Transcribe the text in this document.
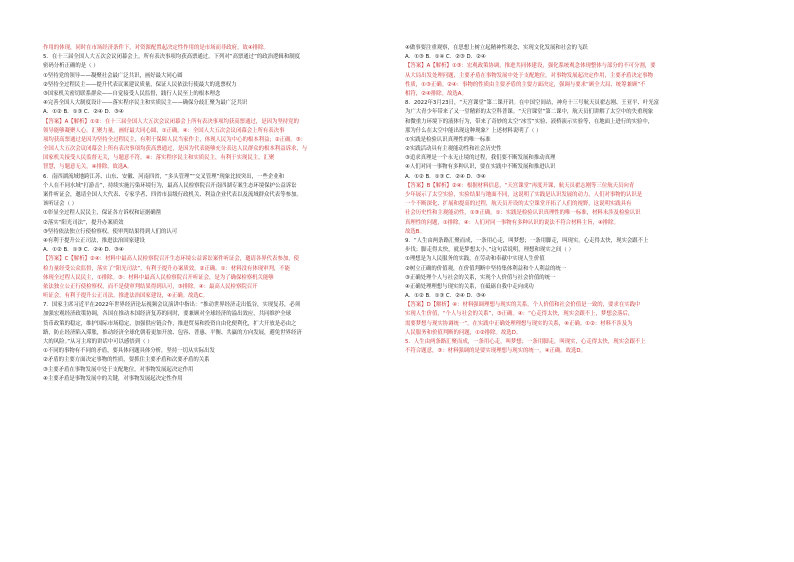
作用的体现，同时在市场经济条件下，对资源配置起决定性作用的是市场而非政府，故④排除。
5．在十三届全国人大五次会议闭幕会上，所有表决事项均获高票通过。下列对“高票通过”的政治逻辑和制度
密码分析正确的是（ ）
①坚持党的领导——凝聚社会最广泛共识，画好最大同心圆
②坚持全过程民主——提升代表议案建议质量，保证人民依法行使最大的选票权力
③国家机关密切联系群众——自觉接受人民监督，践行人民至上的根本理念
④完善全国人大制度设计——落实程序民主和实质民主——确保分歧汇聚为最广泛共识
A．①② B．①③ C．②④ D．③④
【答案】A【解析】①②：在十三届全国人大五次会议闭幕会上所有表决事项均获高票通过，是因为坚持党的
领导能够凝聚人心，汇聚力量，画好最大同心圆，①正确。④：全国人大五次会议闭幕会上所有表决事
项均获高票通过是因为坚持全过程民主，有利于保障人民当家作主，体现人民为中心的根本利益；②正确。③：
全国人大五次会议闭幕会上所有表决事项均获高票通过，是因为代表能够充分表达人民群众的根本利益诉求，与
国家机关接受人民监督无关，与题意不符。④：落实程序民主和实质民主，有利于实现民主，汇聚
智慧，与题意无关，④排除。故选A。
6．南四湖流域地跨江苏、山东、安徽、河南四省，“多头管理”“交叉管理”现象比较突出，一些企业和
个人在不同水域“打游击”，持续实施污染环境行为，最高人民检察院召开南四湖专案生态环境保护公益诉讼
案件听证会，邀请全国人大代表、专家学者、四省市县级行政机关、利益企业代表以及流域群众代表等参加。
该听证会（ ）
①彰显全过程人民民主，保证各方诉权和证据确凿
②落实“阳光司法”，提升办案质效
③坚持依法独立行使检察权，使审判结果得到人们的认可
④有利于提升公正司法，推进法治国家建设
A．①② B．①③ C．②④ D．③④
【答案】C【解析】②④：材料中最高人民检察院召开生态环境公益诉讼案件听证会，邀请各界代表参加，使
检力量经受公众监督，落实了“阳光司法”，有利于提升办案质效，②正确。①：材料没有体现审判，不能
体现全过程人民民主，①排除。③：材料中最高人民检察院召开听证会，是为了确保检察机关能够
依法独立公正行使检察权，而不是使审判结果得到认可，③排除。④：最高人民检察院召开
听证会，有利于提升公正司法，推进法治国家建设，④正确。故选C。
7．国家主席习近平在2022年世界经济论坛视频会议演讲中指出：“推动世界经济走出低谷，实现复苏，必须
加强宏观经济政策协调，各国在推动本国经济复苏的同时，要兼顾对全球经济的溢出效应，共同维护全球
货币政策的稳定，维护国际市场稳定，加强供应链合作，推进贸易和投资自由化便利化，扩大开放是必由之
路，防止经济陷入滞胀，推动经济全球化朝着更加开放、包容、普惠、平衡、共赢的方向发展，避免世界经济
大的风险。”从习主席的讲话中可以感悟到（ ）
①不同的事物有不同的矛盾，要具体问题具体分析，坚持一切从实际出发
②矛盾的主要方面决定事物的性质，要抓住主要矛盾和次要矛盾的关系
③主要矛盾在事物发展中处于支配地位，对事物发展起决定作用
④主要矛盾是事物发展中的关键，对事物发展起决定性作用
④做事要注重观察，在思想上树立起精神性观念，实现文化发展和社会的飞跃
A．①③ B．①④ C．②③ D．②④
【答案】A【解析】①③：宏观政策协调，推进共同体建设，强化系统观念体现整体与部分的不可分割，要
从大局出发处理问题，主要矛盾在事物发展中处于支配地位，对事物发展起决定作用，主要矛盾决定事物
性质，①③正确。②④：事物的性质由主要矛盾的主要方面决定，强调与要求“顾全大局、统筹兼顾”不
相符，②④排除。故选A。
8．2022年3月23日，“天宫课堂”第二课开讲。在中国空间站，神舟十三号航天员翟志刚、王亚平、叶光富
为广大青少年带来了又一堂精彩的太空科普课。“天宫课堂”第二课中，航天员们讲解了太空中的失重现象
和微重力环境下的液体行为，带来了奇妙的太空“冰雪”实验、液桥演示实验等，在地面上进行的实验中，
那为什么在太空中能出现这种现象？上述材料说明了（ ）
①实践是检验认识真理性的唯一标准
②实践活动具有主观能动性和社会历史性
③追求真理是一个永无止境的过程，我们要不断发展和推动真理
④人们对同一事物有多种认识，要在实践中不断发展和推进认识
A．①② B．①③ C．②④ D．③④
【答案】B【解析】②④：根据材料信息，“天宫课堂”再度开课，航天员翟志刚等三位航天员向青
少年展示了太空实验，实验结果与地面不同，这说明了实践是认识发展的动力，人们对事物的认识是
一个不断深化、扩展和提高的过程，航天员开设的太空课堂开拓了人们的视野，这说明实践具有
社会历史性和主观能动性，①③正确。①：实践是检验认识真理性的唯一标准，材料未涉及检验认识
真理性的问题，①排除。④：人们对同一事物有多种认识的说法不符合材料主旨，④排除。
故选B。
9．“人生由两条路汇聚而成，一条用心走，叫梦想；一条用脚走，叫现实。心走得太快，现实会跟不上
步伐；脚走得太快，就是梦想太小。”这句话说明，理想和现实之间（ ）
①理想是为人民服务的实践，在劳动和奉献中实现人生价值
②树立正确的价值观，在价值判断中坚持集体利益和个人利益的统一
③正确处理个人与社会的关系，实现个人价值与社会价值的统一
④正确处理理想与现实的关系，在砥砺自我中走向成功
A．①② B．①③ C．②④ D．③④
【答案】D【解析】④：材料强调理想与现实的关系，个人价值和社会价值是一致的，要求在实践中
实现人生价值，“个人与社会的关系”，③正确。④：“心走得太快，现实会跟不上，梦想会落后，
需要梦想与现实协调统一”，在实践中正确处理理想与现实的关系，④正确。①②：材料不涉及为
人民服务和价值判断的问题，①②排除。故选D。
5．人生由两条路汇聚而成，一条用心走，叫梦想；一条用脚走，叫现实，心走得太快，现实会跟不上
不符合题意，③：材料强调的是要实现理想与现实的统一，④正确。故选D。
